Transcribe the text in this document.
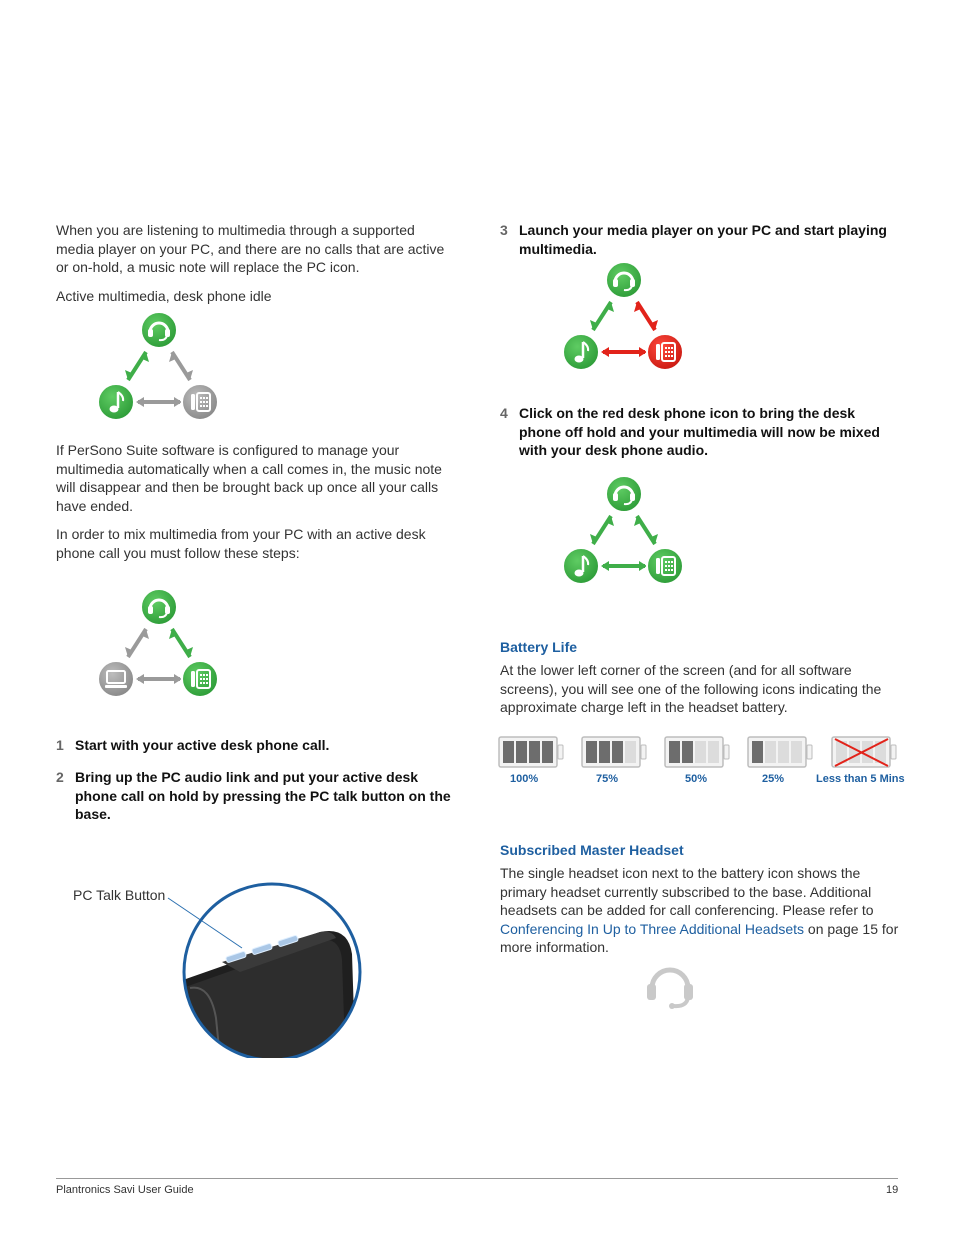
When you are listening to multimedia through a supported media player on your PC, and there are no calls that are active or on-hold, a music note will replace the PC icon.

Active multimedia, desk phone idle

If PerSono Suite software is configured to manage your multimedia automatically when a call comes in, the music note will disappear and then be brought back up once all your calls have ended.

In order to mix multimedia from your PC with an active desk phone call you must follow these steps:

1 Start with your active desk phone call.
2 Bring up the PC audio link and put your active desk phone call on hold by pressing the PC talk button on the base.
PC Talk Button
3 Launch your media player on your PC and start playing multimedia.
4 Click on the red desk phone icon to bring the desk phone off hold and your multimedia will now be mixed with your desk phone audio.
Battery Life

At the lower left corner of the screen (and for all software screens), you will see one of the following icons indicating the approximate charge left in the headset battery.

100%	75%	50%	25%	Less than 5 Mins
Subscribed Master Headset

The single headset icon next to the battery icon shows the primary headset currently subscribed to the base. Additional headsets can be added for call conferencing. Please refer to Conferencing In Up to Three Additional Headsets on page 15 for more information.

Plantronics Savi User Guide	19
